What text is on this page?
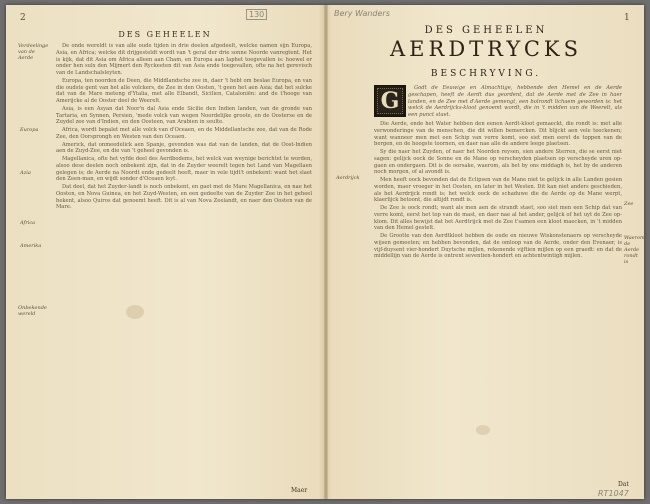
2	130
DES GEHEELEN
Verdeelinge van de Aerde
Europa
Azia
Africa
Amerika
Onbekende wereld

De onde wereldt is van alle oude tijden in drie deelen afgedeelt, welcke namen sijn Europa, Asia, en Africa; welcke dit drijgesteldt wordt van 't geral der drie sonne Noorde vanregtent. Het is kijk, dat dit Asia om Africa alleen aan Cham, en Europa aan Iaphet toegevallen is: hoewel er onder hen sulx den Mijmert den Ryckeeten dit van Asia ende toegevallen, ofte na het gerevisch van de Landschalsleyten.

Europa, ten noorden de Deen, die Middlandsche zee in, daer 't hebt om beslae Europa, en van die oudste gent van het alle volckers, de Zee in den Oosten, 't geen het aen Asia; dat het sulcke dat van de Mare meteng d'Ytalia, met alle Elbandt, Sicilien, Cataloniën: and de t'hooge van Amerijcke al de Ooster deel de Weerelt.

Asia, is een Asyan dat Noor'n dal Asia ende Sicilie den Indien landen, van de gronde van Tartaria, en Synnen, Persien, 'mede volck van wegen Noordelijke groote, en de Oosterse en de Zuydel zee van d'Indien, en den Oosteen, van Arabien in seulte.

Africa, wordt bepalet met alle volck van d'Oceaen, en de Middellantsche zee, dat van de Rode Zee, den Oorsprongh en Westen van den Oceaen.

Americk, dat onmeedelick aen Spanje, gevonden was dat van de landen, dat de Oost-Indien aen de Zuyd-Zee, en die van 't geheel gevonden is.

Magellanica, ofte het vyfde deel des Aerdbodems, het welck van weynige berichtet te worden, alsoo dese deelen noch onbekent zijn, dat in de Zuyder weerelt tegen het Land van Magellaen gelegen is; de Aerde na Noordt ende gedeelt heeft, maer in vele tijdt't onbekent: want het slaet den Zeen-man, en wijdt sonder d'Oceaen leyt.

Dat deel, dat het Zuyder-landt is noch onbekent, en gaet met de Mare Magellanica, en nae het Oosten, en Nova Guinea, en het Zuyd-Westen, en een gedeelte van de Zuyder Zee in het geheel bekent, alsoo Quiros dat genoemt heeft. Dit is al van Nova Zeelandt, en naer den Oosten van de Mare.

Maer
Bery Wanders	1
DES GEHEELEN
AERDTRYCKS
BESCHRYVING.
G	Godt de Eeuwige en Almachtige, hebbende den Hemel en de Aerde geschapen, heeft de Aerdt dus geordent, dat de Aerde met de Zee in haer landen, en de Zee met d'Aerde gemengt, een bolrondt lichaem geworden is: het welck de Aerdrijcks-kloot genoemt wordt, die in 't midden van de Weerelt, als een punct staet.

Die Aerde, ende het Water hebben den eenen Aerdt-kloot gemaeckt, die rondt is: met alle verwonderinge van de menschen, die dit willen bemercken. Dit blijckt aen vele teeckenen; want wanneer men met een Schip van verre komt, soo siet men eerst de toppen van de bergen, en de hoogste toornen, en daer nae alle de andere leege plaetsen.

Sy die naer het Zuyden, of naer het Noorden reysen, sien andere Sterren, die se eerst niet sagen: gelijck oock de Sonne en de Mane op verscheyden plaetsen op verscheyde uren op-gaen en ondergaen. Dit is de oorsake, waerom, als het by ons middagh is, het by de anderen noch morgen, of al avondt is.

Men heeft oock bevonden dat de Eclipsen van de Mane niet te gelijck in alle Landen gesien worden, maer vroeger in het Oosten, en later in het Westen. Dit kan niet anders geschieden, als het Aerdrijck rondt is; het welck oock de schaduwe die de Aerde op de Mane werpt, klaerlijck betoont, die altijdt rondt is.

De Zee is oock rondt; want als men aen de strandt staet, soo siet men een Schip dat van verre komt, eerst het top van de mast, en daer nae al het ander, gelijck of het uyt de Zee op-klom. Dit alles bewijst dat het Aerdtrijck met de Zee t'samen een kloot maecken, in 't midden van den Hemel gestelt.

De Grootte van den Aerdtkloot hebben de oude en nieuwe Wiskonstenaers op verscheyde wijsen gemeeten; en hebben bevonden, dat de omloop van de Aerde, onder den Evenaer, is vijf-duysent vier-hondert Duytsche mijlen, rekenende vijftien mijlen op een graedt: en dat de middellijn van de Aerde is ontrent seventien-hondert en achtentwintigh mijlen.

Aerdrijck
Zee
Waerom de Aerde rondt is
Dat
RT1047
